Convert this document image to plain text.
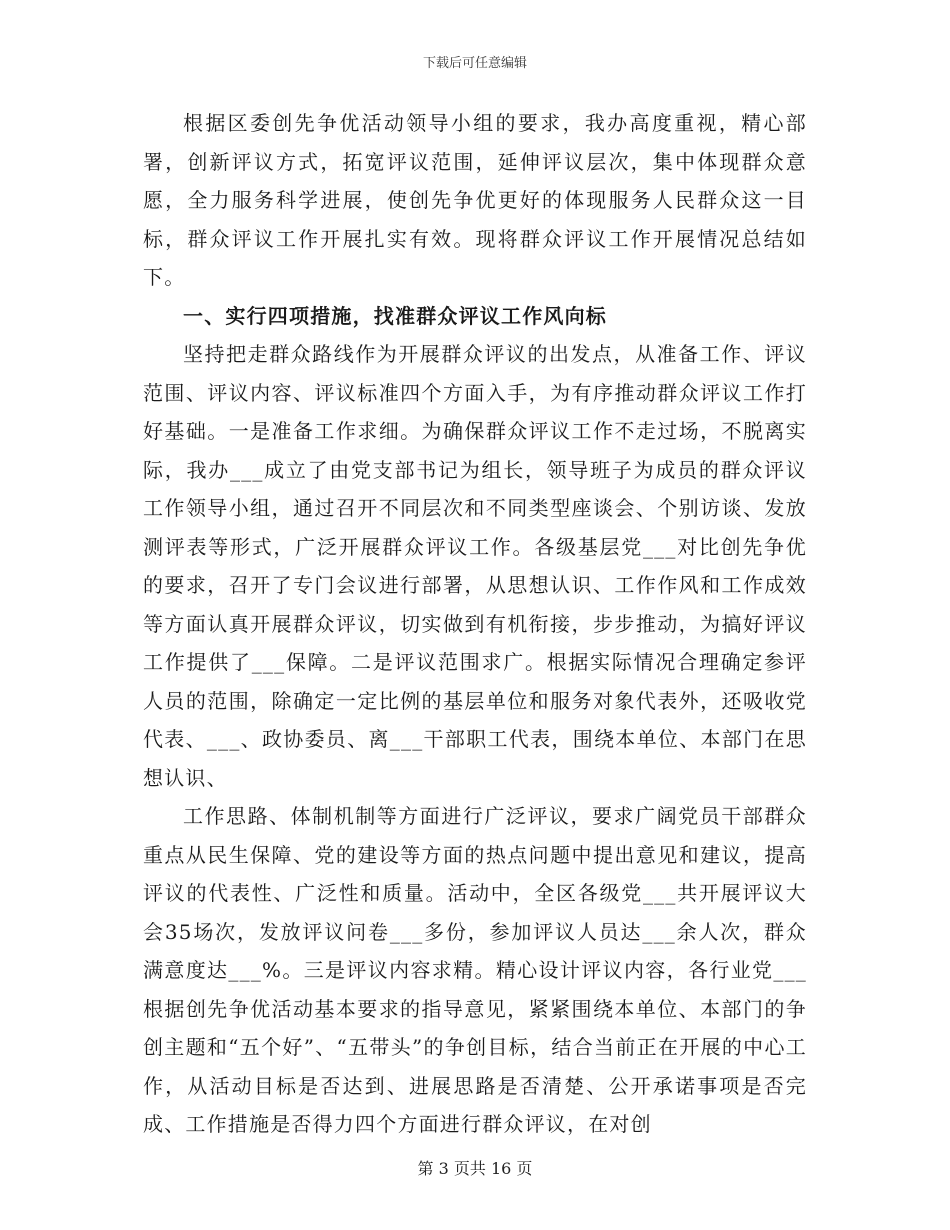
下载后可任意编辑

根据区委创先争优活动领导小组的要求，我办高度重视，精心部署，创新评议方式，拓宽评议范围，延伸评议层次，集中体现群众意愿，全力服务科学进展，使创先争优更好的体现服务人民群众这一目标，群众评议工作开展扎实有效。现将群众评议工作开展情况总结如下。

一、实行四项措施，找准群众评议工作风向标

坚持把走群众路线作为开展群众评议的出发点，从准备工作、评议范围、评议内容、评议标准四个方面入手，为有序推动群众评议工作打好基础。一是准备工作求细。为确保群众评议工作不走过场，不脱离实际，我办___成立了由党支部书记为组长，领导班子为成员的群众评议工作领导小组，通过召开不同层次和不同类型座谈会、个别访谈、发放测评表等形式，广泛开展群众评议工作。各级基层党___对比创先争优的要求，召开了专门会议进行部署，从思想认识、工作作风和工作成效等方面认真开展群众评议，切实做到有机衔接，步步推动，为搞好评议工作提供了___保障。二是评议范围求广。根据实际情况合理确定参评人员的范围，除确定一定比例的基层单位和服务对象代表外，还吸收党代表、___、政协委员、离___干部职工代表，围绕本单位、本部门在思想认识、

工作思路、体制机制等方面进行广泛评议，要求广阔党员干部群众重点从民生保障、党的建设等方面的热点问题中提出意见和建议，提高评议的代表性、广泛性和质量。活动中，全区各级党___共开展评议大会35场次，发放评议问卷___多份，参加评议人员达___余人次，群众满意度达___%。三是评议内容求精。精心设计评议内容，各行业党___根据创先争优活动基本要求的指导意见，紧紧围绕本单位、本部门的争创主题和“五个好”、“五带头”的争创目标，结合当前正在开展的中心工作，从活动目标是否达到、进展思路是否清楚、公开承诺事项是否完成、工作措施是否得力四个方面进行群众评议，在对创

第 3 页共 16 页
